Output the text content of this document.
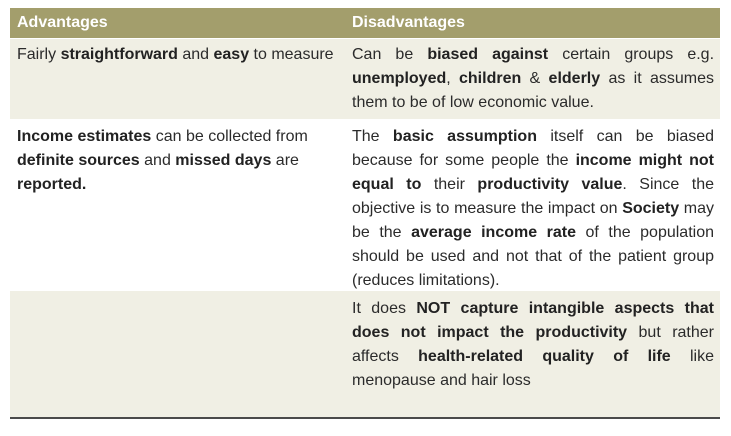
Advantages	Disadvantages
Fairly straightforward and easy to measure	Can be biased against certain groups e.g. unemployed, children & elderly as it assumes them to be of low economic value.
Income estimates can be collected from definite sources and missed days are reported.
The basic assumption itself can be biased because for some people the income might not equal to their productivity value. Since the objective is to measure the impact on Society may be the average income rate of the population should be used and not that of the patient group (reduces limitations).
It does NOT capture intangible aspects that does not impact the productivity but rather affects health-related quality of life like menopause and hair loss
